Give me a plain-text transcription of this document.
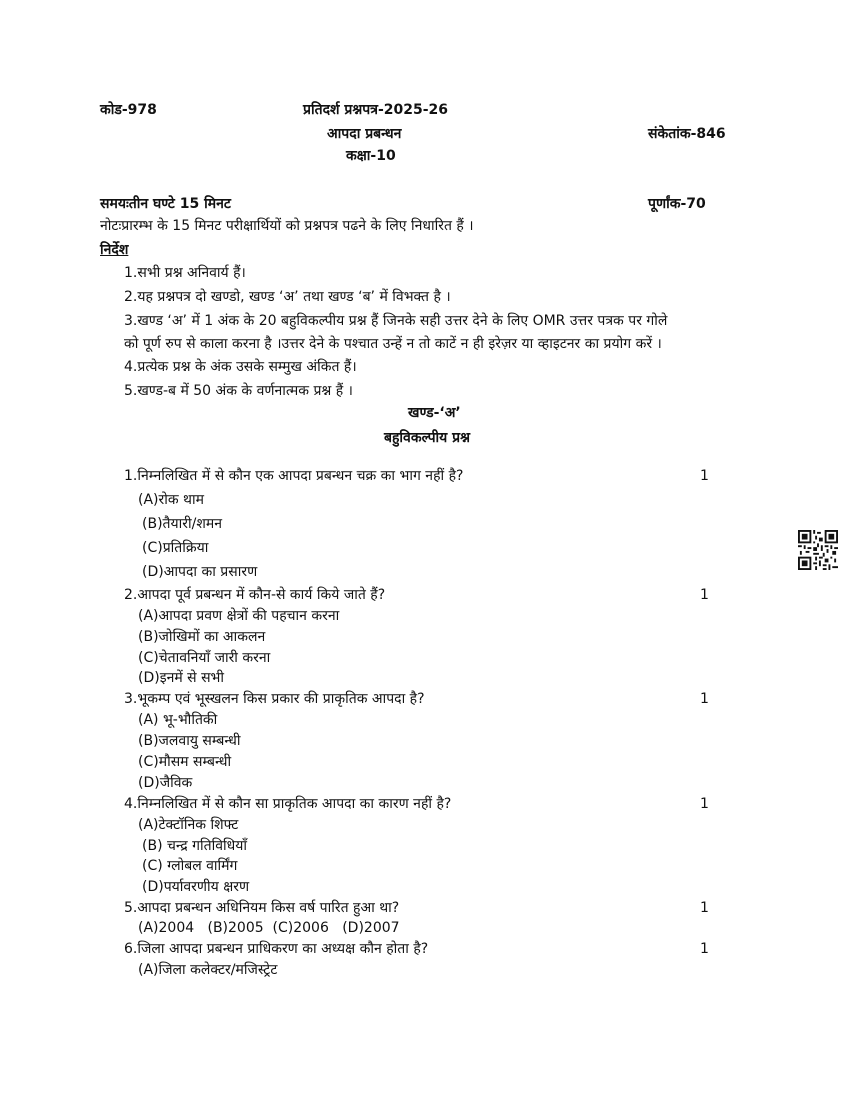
कोड-978	प्रतिदर्श प्रश्नपत्र-2025-26
आपदा प्रबन्धन	संकेतांक-846
कक्षा-10
समयःतीन घण्टे 15 मिनट	पूर्णांक-70
नोटःप्रारम्भ के 15 मिनट परीक्षार्थियों को प्रश्नपत्र पढने के लिए निधारित हैं ।
निर्देश
1.सभी प्रश्न अनिवार्य हैं।
2.यह प्रश्नपत्र दो खण्डो, खण्ड ‘अ’ तथा खण्ड ‘ब’ में विभक्त है ।
3.खण्ड ‘अ’ में 1 अंक के 20 बहुविकल्पीय प्रश्न हैं जिनके सही उत्तर देने के लिए OMR उत्तर पत्रक पर गोले
को पूर्ण रुप से काला करना है ।उत्तर देने के पश्चात उन्हें न तो काटें न ही इरेज़र या व्हाइटनर का प्रयोग करें ।
4.प्रत्येक प्रश्न के अंक उसके सम्मुख अंकित हैं।
5.खण्ड-ब में 50 अंक के वर्णनात्मक प्रश्न हैं ।
खण्ड-‘अ’
बहुविकल्पीय प्रश्न
1.निम्नलिखित में से कौन एक आपदा प्रबन्धन चक्र का भाग नहीं है?	1
(A)रोक थाम
(B)तैयारी/शमन
(C)प्रतिक्रिया
(D)आपदा का प्रसारण
2.आपदा पूर्व प्रबन्धन में कौन-से कार्य किये जाते हैं?	1
(A)आपदा प्रवण क्षेत्रों की पहचान करना
(B)जोखिमों का आकलन
(C)चेतावनियाँ जारी करना
(D)इनमें से सभी
3.भूकम्प एवं भूस्खलन किस प्रकार की प्राकृतिक आपदा है?	1
(A) भू-भौतिकी
(B)जलवायु सम्बन्धी
(C)मौसम सम्बन्धी
(D)जैविक
4.निम्नलिखित में से कौन सा प्राकृतिक आपदा का कारण नहीं है?	1
(A)टेक्टॉनिक शिफ्ट
(B) चन्द्र गतिविधियाँ
(C) ग्लोबल वार्मिंग
(D)पर्यावरणीय क्षरण
5.आपदा प्रबन्धन अधिनियम किस वर्ष पारित हुआ था?	1
(A)2004   (B)2005  (C)2006   (D)2007
6.जिला आपदा प्रबन्धन प्राधिकरण का अध्यक्ष कौन होता है?	1
(A)जिला कलेक्टर/मजिस्ट्रेट
